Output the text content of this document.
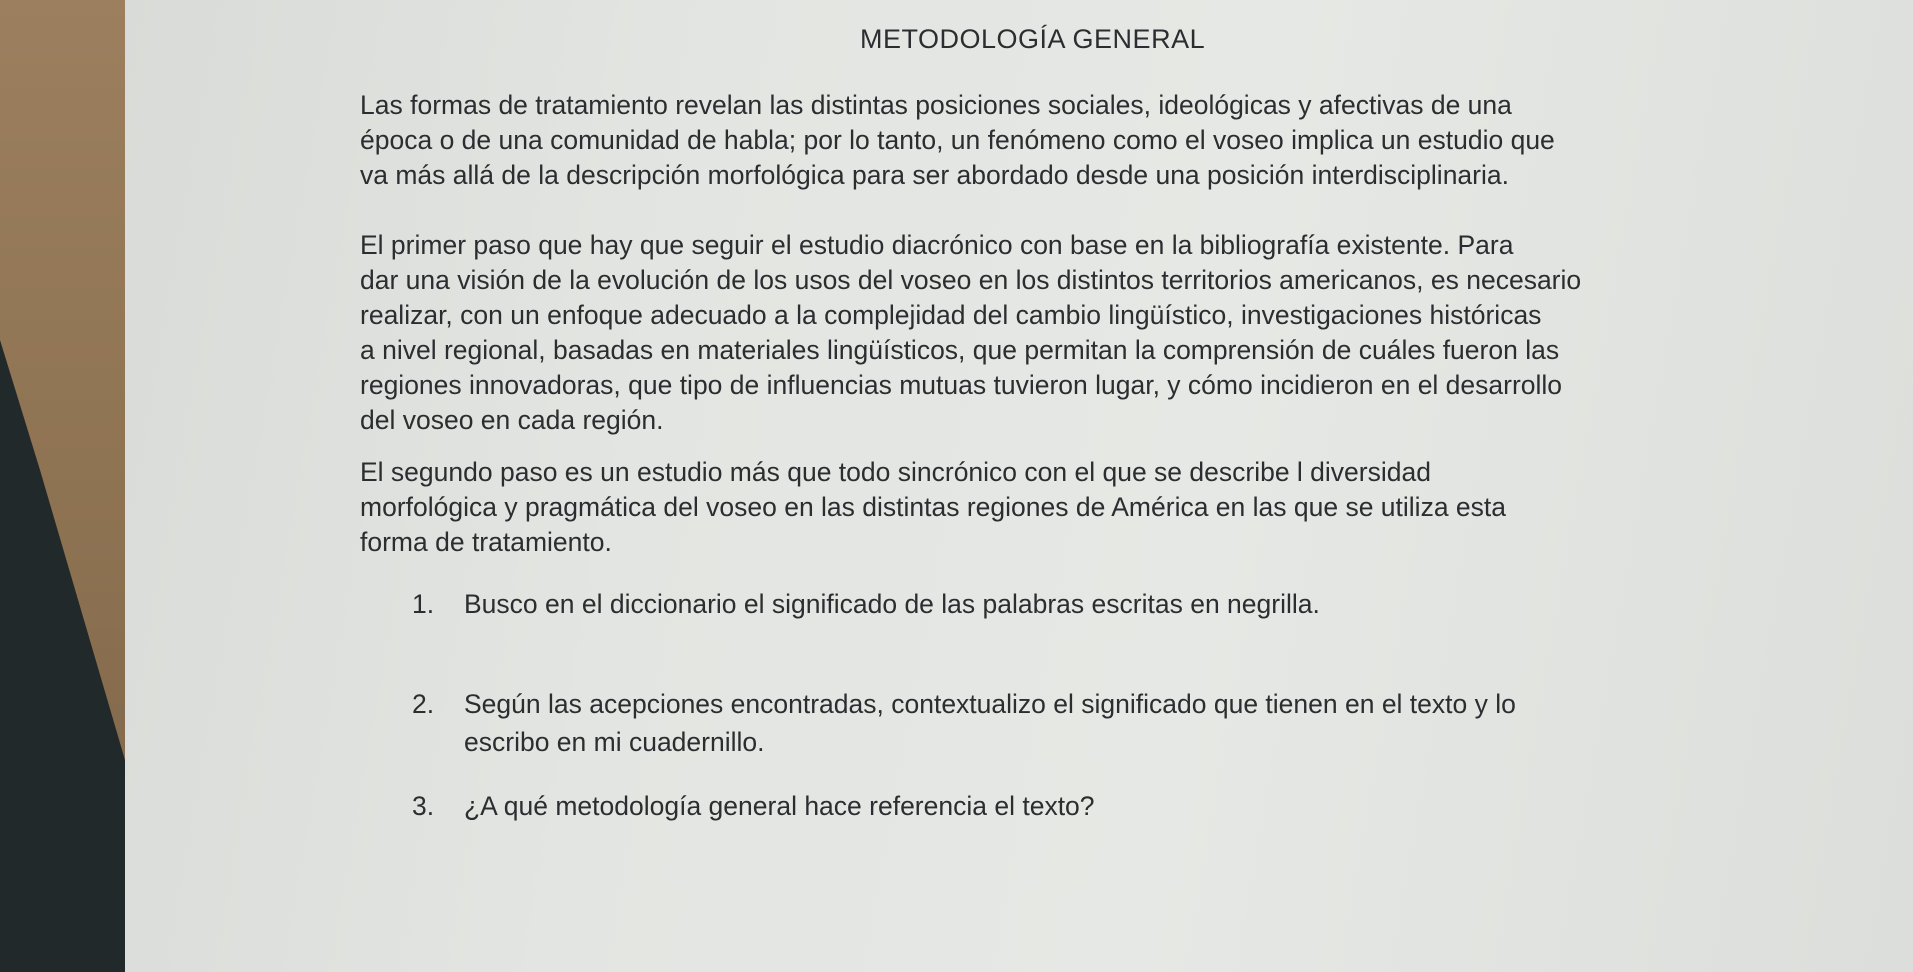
METODOLOGÍA GENERAL
Las formas de tratamiento revelan las distintas posiciones sociales, ideológicas y afectivas de una
época o de una comunidad de habla; por lo tanto, un fenómeno como el voseo implica un estudio que
va más allá de la descripción morfológica para ser abordado desde una posición interdisciplinaria.
El primer paso que hay que seguir el estudio diacrónico con base en la bibliografía existente. Para
dar una visión de la evolución de los usos del voseo en los distintos territorios americanos, es necesario
realizar, con un enfoque adecuado a la complejidad del cambio lingüístico, investigaciones históricas
a nivel regional, basadas en materiales lingüísticos, que permitan la comprensión de cuáles fueron las
regiones innovadoras, que tipo de influencias mutuas tuvieron lugar, y cómo incidieron en el desarrollo
del voseo en cada región.
El segundo paso es un estudio más que todo sincrónico con el que se describe l diversidad
morfológica y pragmática del voseo en las distintas regiones de América en las que se utiliza esta
forma de tratamiento.
1. Busco en el diccionario el significado de las palabras escritas en negrilla.
2. Según las acepciones encontradas, contextualizo el significado que tienen en el texto y lo
escribo en mi cuadernillo.
3. ¿A qué metodología general hace referencia el texto?
